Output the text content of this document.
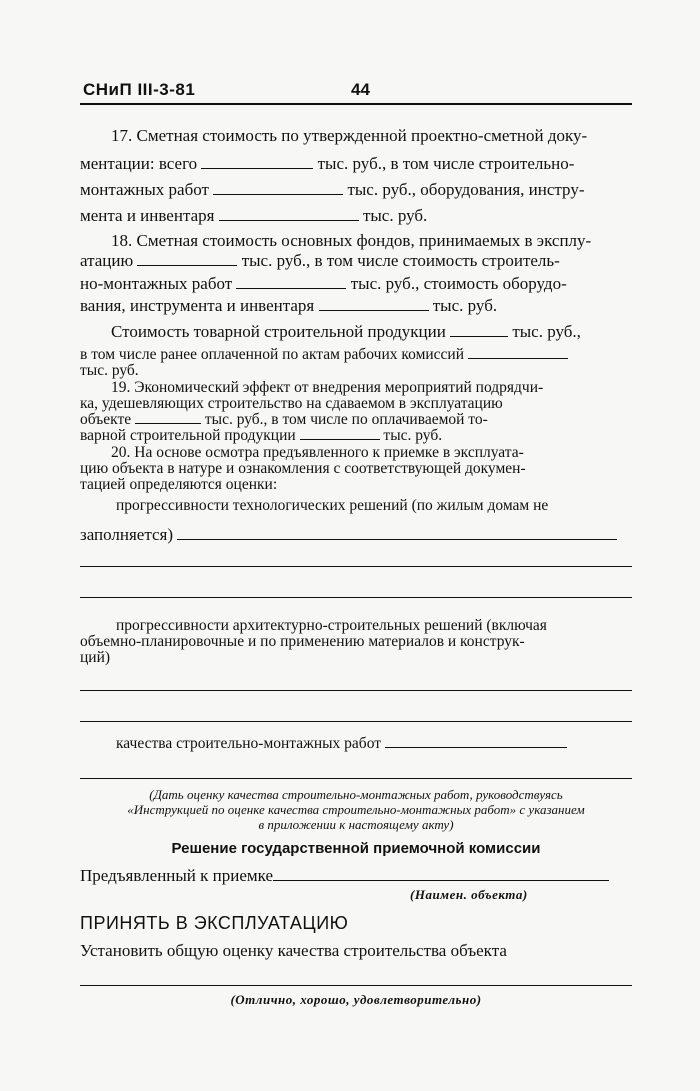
СНиП III-3-81	44
17. Сметная стоимость по утвержденной проектно-сметной доку-
ментации: всего	тыс. руб., в том числе строительно-
монтажных работ	тыс. руб., оборудования, инстру-
мента и инвентаря	тыс. руб.
18. Сметная стоимость основных фондов, принимаемых в эксплу-
атацию	тыс. руб., в том числе стоимость строитель-
но-монтажных работ	тыс. руб., стоимость оборудо-
вания, инструмента и инвентаря	тыс. руб.
Стоимость товарной строительной продукции	тыс. руб.,
в том числе ранее оплаченной по актам рабочих комиссий
тыс. руб.
19. Экономический эффект от внедрения мероприятий подрядчи-
ка, удешевляющих строительство на сдаваемом в эксплуатацию
объекте	тыс. руб., в том числе по оплачиваемой то-
варной строительной продукции	тыс. руб.
20. На основе осмотра предъявленного к приемке в эксплуата-
цию объекта в натуре и ознакомления с соответствующей докумен-
тацией определяются оценки:
прогрессивности технологических решений (по жилым домам не
заполняется)
прогрессивности архитектурно-строительных решений (включая
объемно-планировочные и по применению материалов и конструк-
ций)
качества строительно-монтажных работ
(Дать оценку качества строительно-монтажных работ, руководствуясь
«Инструкцией по оценке качества строительно-монтажных работ» с указанием
в приложении к настоящему акту)
Решение государственной приемочной комиссии
Предъявленный к приемке
(Наимен. объекта)
ПРИНЯТЬ В ЭКСПЛУАТАЦИЮ
Установить общую оценку качества строительства объекта
(Отлично, хорошо, удовлетворительно)
